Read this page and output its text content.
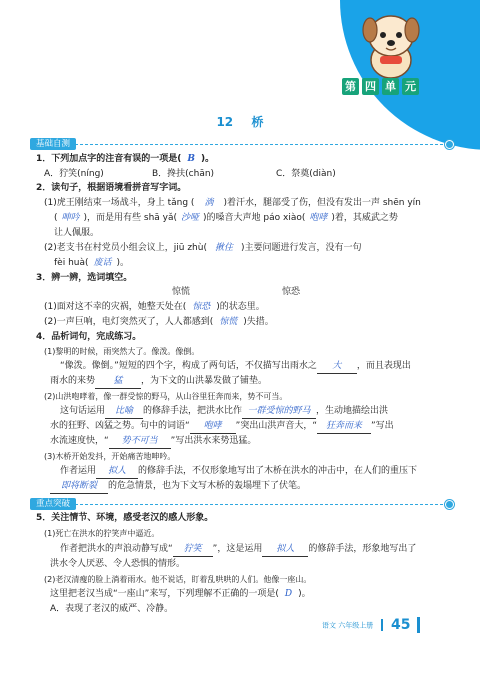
第 四 单 元
12 桥
基础自测
1．下列加点字的注音有误的一项是( B )。
A．狞笑(níng)	B．搀扶(chān)	C．祭奠(diàn)
2．读句子，根据语境看拼音写字词。
(1)虎王刚结束一场战斗，身上 tǎng ( 淌 )着汗水，腿部受了伤，但没有发出一声 shēn yín
( 呻吟 )，而是用有些 shā yǎ( 沙哑 )的嗓音大声地 páo xiào( 咆哮 )着，其威武之势
让人佩服。
(2)老支书在村党员小组会议上，jiū zhù( 揪住 )主要问题进行发言，没有一句
fèi huà( 废话 )。
3．辨一辨，选词填空。
惊慌	惊恐
(1)面对这不幸的灾祸，她整天处在( 惊恐 )的状态里。
(2)一声巨响，电灯突然灭了，人人都感到( 惊慌 )失措。
4．品析词句，完成练习。
(1)黎明的时候，雨突然大了。像泼。像倒。
“像泼。像倒。”短短的四个字，构成了两句话，不仅描写出雨水之 大 ，而且表现出
雨水的来势 猛 ，为下文的山洪暴发做了铺垫。
(2)山洪咆哮着，像一群受惊的野马，从山谷里狂奔而来，势不可当。
这句话运用 比喻 的修辞手法，把洪水比作 一群受惊的野马 ，生动地描绘出洪
水的狂野、凶猛之势。句中的词语“ 咆哮 ”突出山洪声音大，“ 狂奔而来 ”写出
水流速度快，“ 势不可当 ”写出洪水来势迅猛。
(3)木桥开始发抖，开始痛苦地呻吟。
作者运用 拟人 的修辞手法，不仅形象地写出了木桥在洪水的冲击中，在人们的重压下
即将断裂 的危急情景，也为下文写木桥的轰塌埋下了伏笔。
重点突破
5．关注情节、环境，感受老汉的感人形象。
(1)死亡在洪水的狞笑声中逼近。
作者把洪水的声浪动静写成“ 狞笑 ”，这是运用 拟人 的修辞手法，形象地写出了
洪水令人厌恶、令人恐惧的情形。
(2)老汉清瘦的脸上淌着雨水。他不说话，盯着乱哄哄的人们。他像一座山。
这里把老汉当成“一座山”来写，下列理解不正确的一项是( D )。
A．表现了老汉的威严、冷静。
语文 六年级上册 45
